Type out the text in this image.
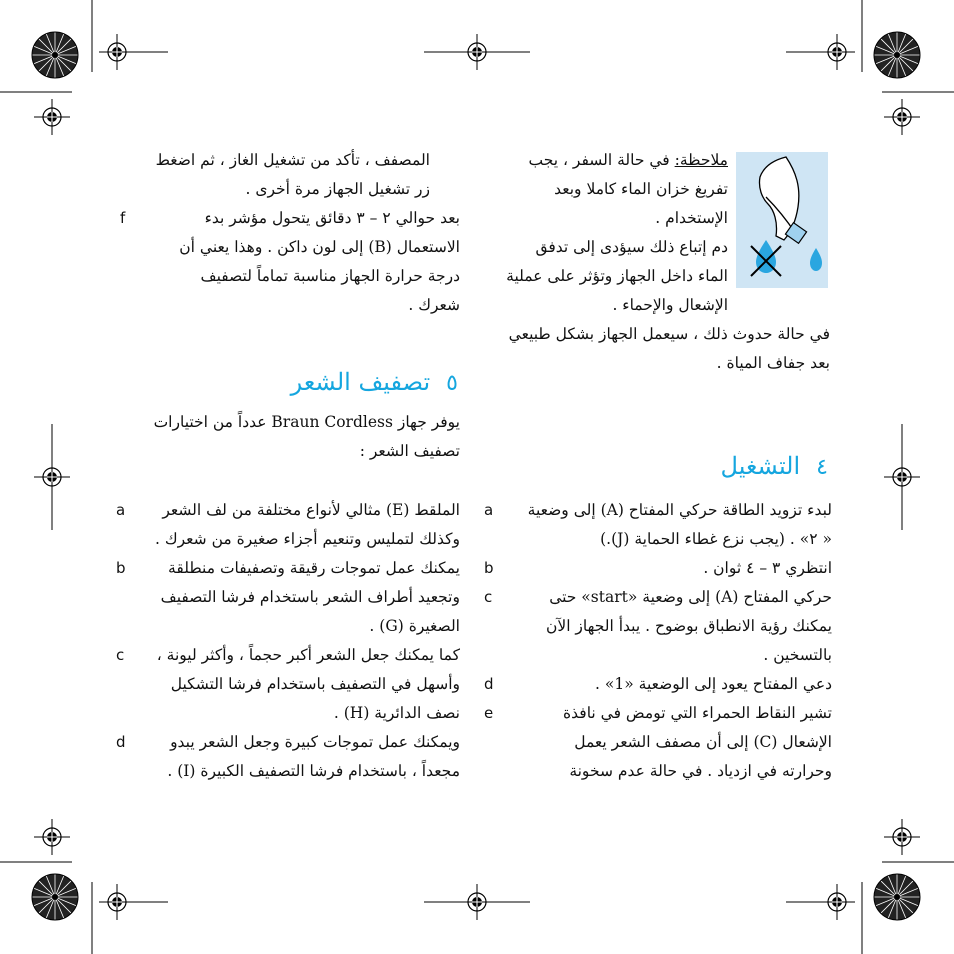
ملاحظة: في حالة السفر ، يجب

تفريغ خزان الماء كاملا وبعد

الإستخدام .

دم إتباع ذلك سيؤدى إلى تدفق

الماء داخل الجهاز وتؤثر على عملية

الإشعال والإحماء .

في حالة حدوث ذلك ، سيعمل الجهاز بشكل طبيعي

بعد جفاف المياة .

٤
التشغيل
a	لبدء تزويد الطاقة حركي المفتاح (A) إلى وضعية

« ٢» . (يجب نزع غطاء الحماية (J).)

b	انتظري ٣ – ٤ ثوان .

c	حركي المفتاح (A) إلى وضعية «start» حتى

يمكنك رؤية الانطباق بوضوح . يبدأ الجهاز الآن

بالتسخين .

d	دعي المفتاح يعود إلى الوضعية «1» .

e	تشير النقاط الحمراء التي تومض في نافذة

الإشعال (C) إلى أن مصفف الشعر يعمل

وحرارته في ازدياد . في حالة عدم سخونة

المصفف ، تأكد من تشغيل الغاز ، ثم اضغط

زر تشغيل الجهاز مرة أخرى .

f	بعد حوالي ٢ – ٣ دقائق يتحول مؤشر بدء

الاستعمال (B) إلى لون داكن . وهذا يعني أن

درجة حرارة الجهاز مناسبة تماماً لتصفيف

شعرك .

٥
تصفيف الشعر

يوفر جهاز Braun Cordless عدداً من اختيارات

تصفيف الشعر :

a	الملقط (E) مثالي لأنواع مختلفة من لف الشعر

وكذلك لتمليس وتنعيم أجزاء صغيرة من شعرك .

b	يمكنك عمل تموجات رقيقة وتصفيفات منطلقة

وتجعيد أطراف الشعر باستخدام فرشا التصفيف

الصغيرة (G) .

c	كما يمكنك جعل الشعر أكبر حجماً ، وأكثر ليونة ،

وأسهل في التصفيف باستخدام فرشا التشكيل

نصف الدائرية (H) .

d	ويمكنك عمل تموجات كبيرة وجعل الشعر يبدو

مجعداً ، باستخدام فرشا التصفيف الكبيرة (I) .
